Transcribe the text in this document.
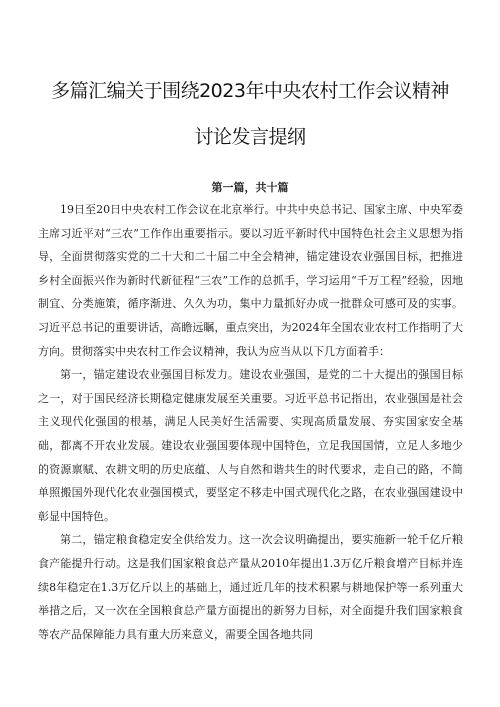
多篇汇编关于围绕2023年中央农村工作会议精神
讨论发言提纲
第一篇，共十篇

19日至20日中央农村工作会议在北京举行。中共中央总书记、国家主席、中央军委主席习近平对“三农”工作作出重要指示。要以习近平新时代中国特色社会主义思想为指导，全面贯彻落实党的二十大和二十届二中全会精神，锚定建设农业强国目标，把推进乡村全面振兴作为新时代新征程“三农”工作的总抓手，学习运用“千万工程”经验，因地制宜、分类施策，循序渐进、久久为功，集中力量抓好办成一批群众可感可及的实事。习近平总书记的重要讲话，高瞻远瞩，重点突出，为2024年全国农业农村工作指明了大方向。贯彻落实中央农村工作会议精神，我认为应当从以下几方面着手：

第一，锚定建设农业强国目标发力。建设农业强国，是党的二十大提出的强国目标之一，对于国民经济长期稳定健康发展至关重要。习近平总书记指出，农业强国是社会主义现代化强国的根基，满足人民美好生活需要、实现高质量发展、夯实国家安全基础，都离不开农业发展。建设农业强国要体现中国特色，立足我国国情，立足人多地少的资源禀赋、农耕文明的历史底蕴、人与自然和谐共生的时代要求，走自己的路，不简单照搬国外现代化农业强国模式，要坚定不移走中国式现代化之路，在农业强国建设中彰显中国特色。

第二，锚定粮食稳定安全供给发力。这一次会议明确提出，要实施新一轮千亿斤粮食产能提升行动。这是我们国家粮食总产量从2010年提出1.3万亿斤粮食增产目标并连续8年稳定在1.3万亿斤以上的基础上，通过近几年的技术积累与耕地保护等一系列重大举措之后，又一次在全国粮食总产量方面提出的新努力目标，对全面提升我们国家粮食等农产品保障能力具有重大历来意义，需要全国各地共同
